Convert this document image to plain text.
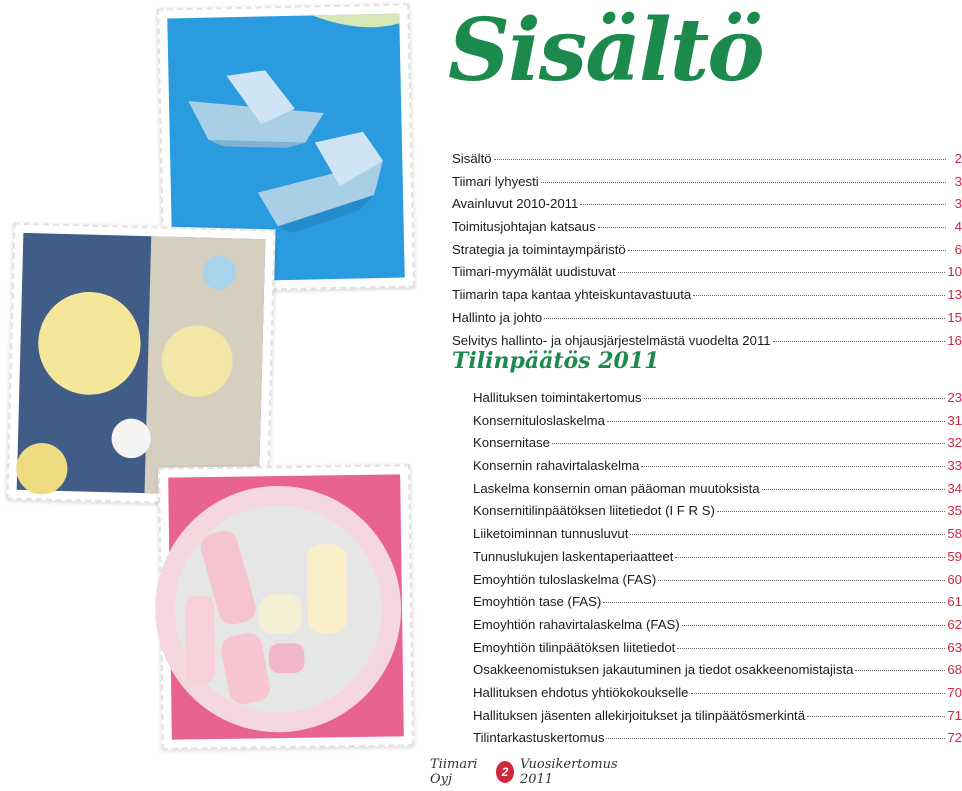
Sisältö
Sisältö	2
Tiimari lyhyesti	3
Avainluvut 2010-2011	3
Toimitusjohtajan katsaus	4
Strategia ja toimintaympäristö	6
Tiimari-myymälät uudistuvat	10
Tiimarin tapa kantaa yhteiskuntavastuuta	13
Hallinto ja johto	15
Selvitys hallinto- ja ohjausjärjestelmästä vuodelta 2011	16
Tilinpäätös 2011
Hallituksen toimintakertomus	23
Konsernituloslaskelma	31
Konsernitase	32
Konsernin rahavirtalaskelma	33
Laskelma konsernin oman pääoman muutoksista	34
Konsernitilinpäätöksen liitetiedot (I F R S)	35
Liiketoiminnan tunnusluvut	58
Tunnuslukujen laskentaperiaatteet	59
Emoyhtiön tuloslaskelma (FAS)	60
Emoyhtiön tase (FAS)	61
Emoyhtiön rahavirtalaskelma (FAS)	62
Emoyhtiön tilinpäätöksen liitetiedot	63
Osakkeenomistuksen jakautuminen ja tiedot osakkeenomistajista	68
Hallituksen ehdotus yhtiökokoukselle	70
Hallituksen jäsenten allekirjoitukset ja tilinpäätösmerkintä	71
Tilintarkastuskertomus	72
Tiimari Oyj	2 Vuosikertomus 2011
